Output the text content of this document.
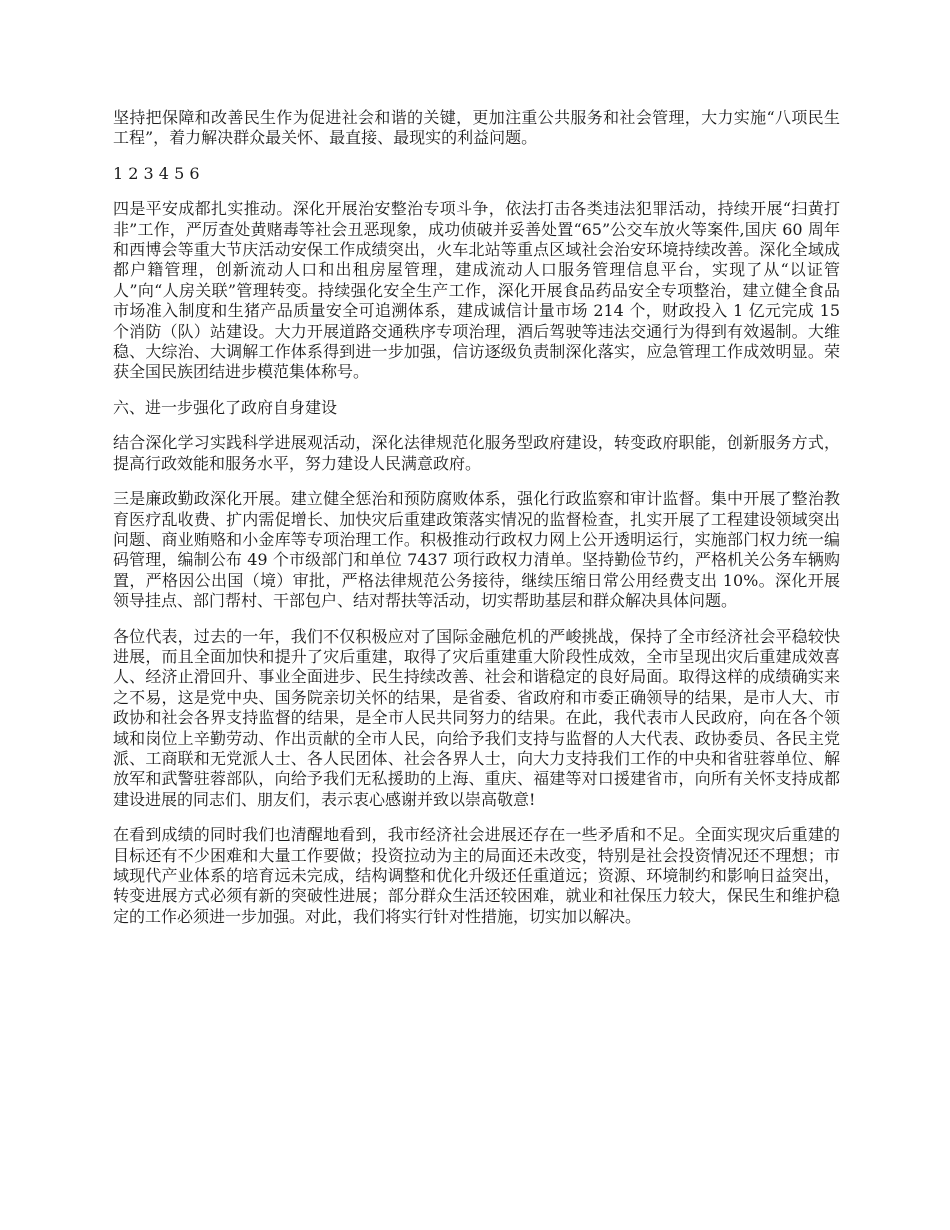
坚持把保障和改善民生作为促进社会和谐的关键，更加注重公共服务和社会管理，大力实施“八项民生工程”，着力解决群众最关怀、最直接、最现实的利益问题。

1 2 3 4 5 6

四是平安成都扎实推动。深化开展治安整治专项斗争，依法打击各类违法犯罪活动，持续开展“扫黄打非”工作，严厉查处黄赌毒等社会丑恶现象，成功侦破并妥善处置“65”公交车放火等案件,国庆 60 周年和西博会等重大节庆活动安保工作成绩突出，火车北站等重点区域社会治安环境持续改善。深化全域成都户籍管理，创新流动人口和出租房屋管理，建成流动人口服务管理信息平台，实现了从“以证管人”向“人房关联”管理转变。持续强化安全生产工作，深化开展食品药品安全专项整治，建立健全食品市场准入制度和生猪产品质量安全可追溯体系，建成诚信计量市场 214 个，财政投入 1 亿元完成 15 个消防（队）站建设。大力开展道路交通秩序专项治理，酒后驾驶等违法交通行为得到有效遏制。大维稳、大综治、大调解工作体系得到进一步加强，信访逐级负责制深化落实，应急管理工作成效明显。荣获全国民族团结进步模范集体称号。

六、进一步强化了政府自身建设

结合深化学习实践科学进展观活动，深化法律规范化服务型政府建设，转变政府职能，创新服务方式，提高行政效能和服务水平，努力建设人民满意政府。

三是廉政勤政深化开展。建立健全惩治和预防腐败体系，强化行政监察和审计监督。集中开展了整治教育医疗乱收费、扩内需促增长、加快灾后重建政策落实情况的监督检查，扎实开展了工程建设领域突出问题、商业贿赂和小金库等专项治理工作。积极推动行政权力网上公开透明运行，实施部门权力统一编码管理，编制公布 49 个市级部门和单位 7437 项行政权力清单。坚持勤俭节约，严格机关公务车辆购置，严格因公出国（境）审批，严格法律规范公务接待，继续压缩日常公用经费支出 10%。深化开展领导挂点、部门帮村、干部包户、结对帮扶等活动，切实帮助基层和群众解决具体问题。

各位代表，过去的一年，我们不仅积极应对了国际金融危机的严峻挑战，保持了全市经济社会平稳较快进展，而且全面加快和提升了灾后重建，取得了灾后重建重大阶段性成效，全市呈现出灾后重建成效喜人、经济止滑回升、事业全面进步、民生持续改善、社会和谐稳定的良好局面。取得这样的成绩确实来之不易，这是党中央、国务院亲切关怀的结果，是省委、省政府和市委正确领导的结果，是市人大、市政协和社会各界支持监督的结果，是全市人民共同努力的结果。在此，我代表市人民政府，向在各个领域和岗位上辛勤劳动、作出贡献的全市人民，向给予我们支持与监督的人大代表、政协委员、各民主党派、工商联和无党派人士、各人民团体、社会各界人士，向大力支持我们工作的中央和省驻蓉单位、解放军和武警驻蓉部队，向给予我们无私援助的上海、重庆、福建等对口援建省市，向所有关怀支持成都建设进展的同志们、朋友们，表示衷心感谢并致以崇高敬意!

在看到成绩的同时我们也清醒地看到，我市经济社会进展还存在一些矛盾和不足。全面实现灾后重建的目标还有不少困难和大量工作要做；投资拉动为主的局面还未改变，特别是社会投资情况还不理想；市域现代产业体系的培育远未完成，结构调整和优化升级还任重道远；资源、环境制约和影响日益突出，转变进展方式必须有新的突破性进展；部分群众生活还较困难，就业和社保压力较大，保民生和维护稳定的工作必须进一步加强。对此，我们将实行针对性措施，切实加以解决。
